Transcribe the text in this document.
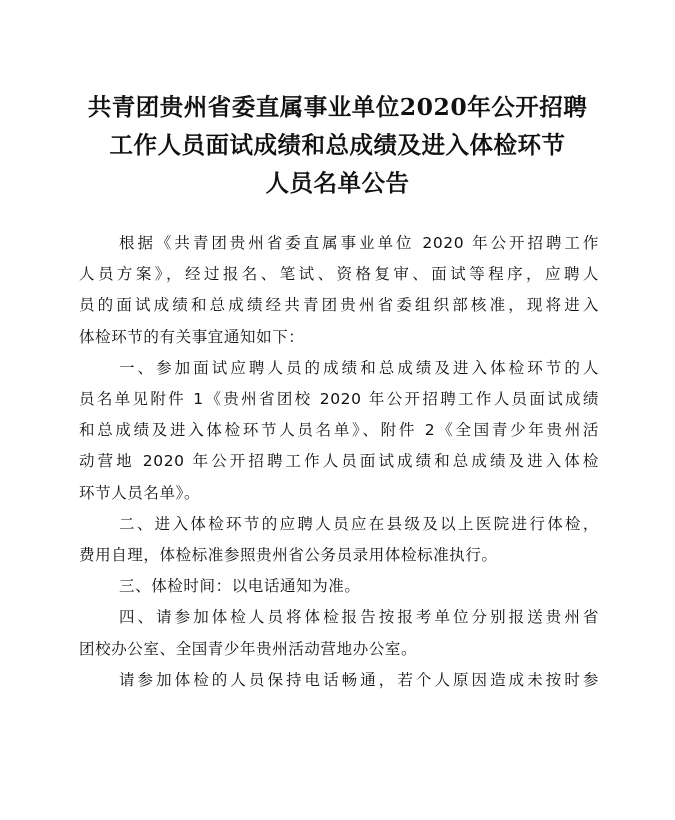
共青团贵州省委直属事业单位2020年公开招聘
工作人员面试成绩和总成绩及进入体检环节
人员名单公告
根据《共青团贵州省委直属事业单位 2020 年公开招聘工作
人员方案》，经过报名、笔试、资格复审、面试等程序，应聘人
员的面试成绩和总成绩经共青团贵州省委组织部核准，现将进入
体检环节的有关事宜通知如下：
一、参加面试应聘人员的成绩和总成绩及进入体检环节的人
员名单见附件 1《贵州省团校 2020 年公开招聘工作人员面试成绩
和总成绩及进入体检环节人员名单》、附件 2《全国青少年贵州活
动营地 2020 年公开招聘工作人员面试成绩和总成绩及进入体检
环节人员名单》。
二、进入体检环节的应聘人员应在县级及以上医院进行体检，
费用自理，体检标准参照贵州省公务员录用体检标准执行。
三、体检时间：以电话通知为准。
四、请参加体检人员将体检报告按报考单位分别报送贵州省
团校办公室、全国青少年贵州活动营地办公室。
请参加体检的人员保持电话畅通，若个人原因造成未按时参
